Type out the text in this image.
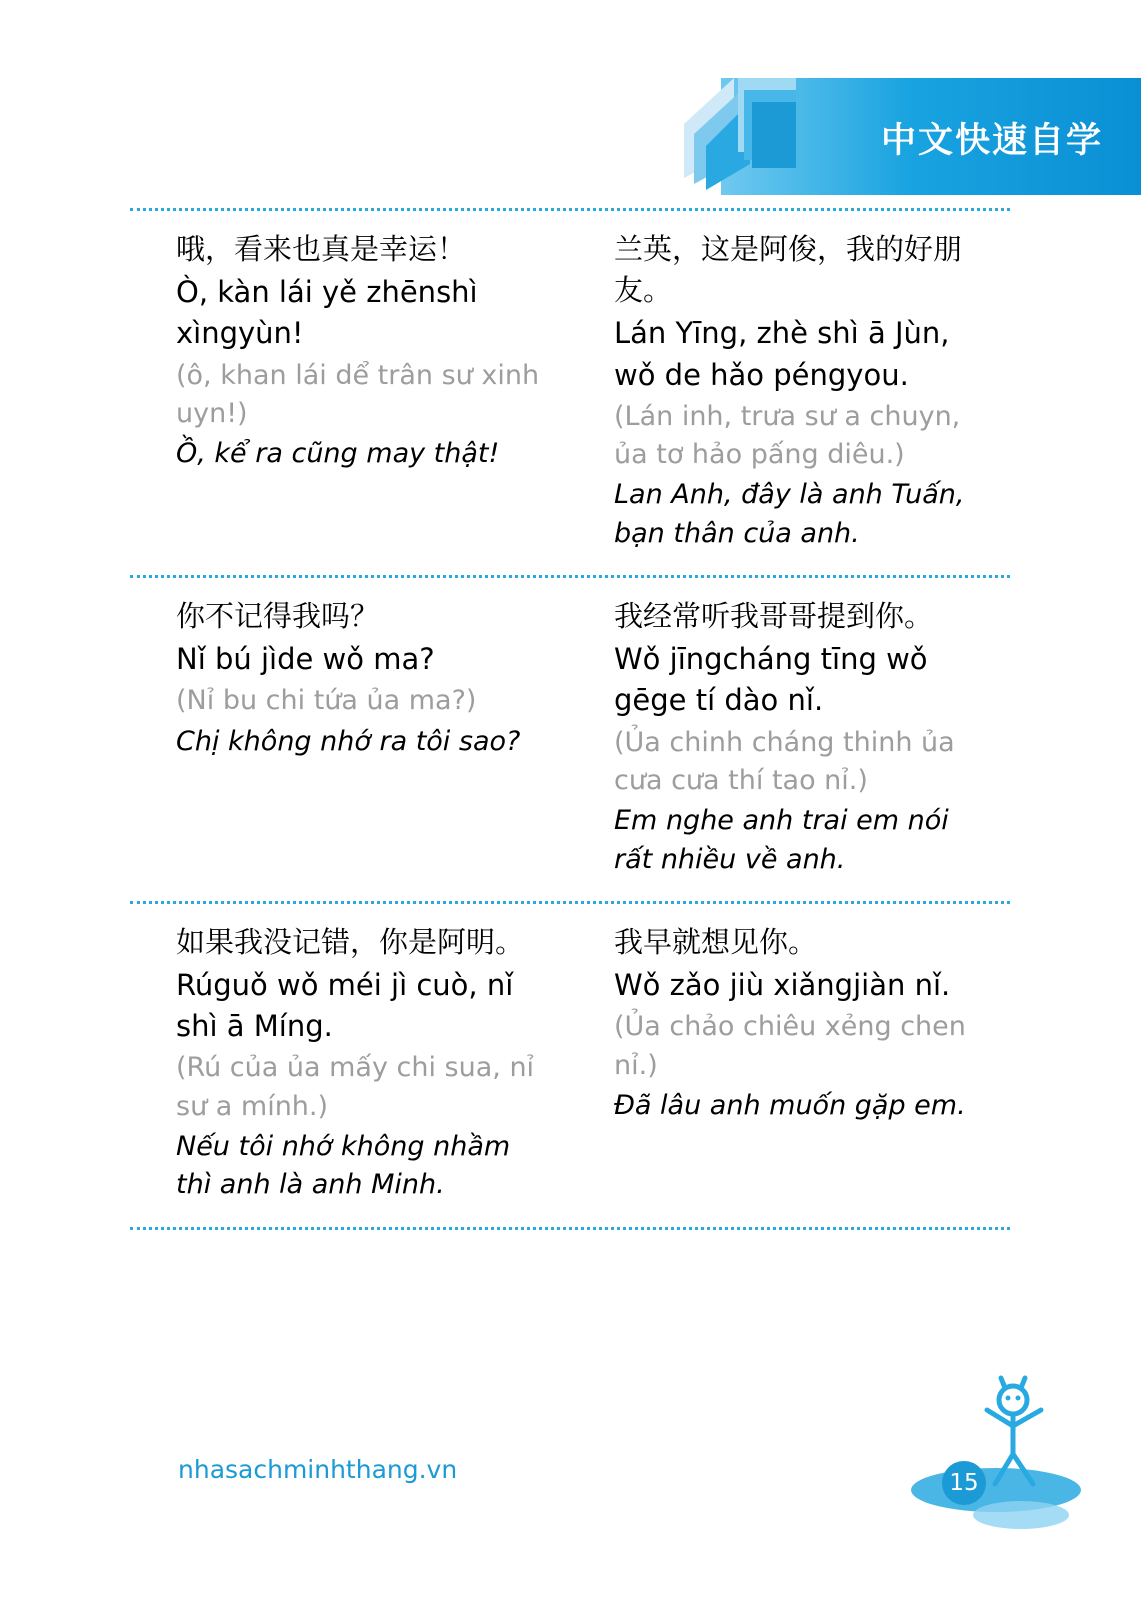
中文快速自学

哦，看来也真是幸运！

Ò, kàn lái yě zhēnshì xìngyùn!

(ô, khan lái dể trân sư xinh uyn!)

Ồ, kể ra cũng may thật!

兰英，这是阿俊，我的好朋友。

Lán Yīng, zhè shì ā Jùn, wǒ de hǎo péngyou.

(Lán inh, trưa sư a chuyn, ủa tơ hảo pấng diêu.)

Lan Anh, đây là anh Tuấn, bạn thân của anh.

你不记得我吗？

Nǐ bú jìde wǒ ma?

(Nỉ bu chi tứa ủa ma?)

Chị không nhớ ra tôi sao?

我经常听我哥哥提到你。

Wǒ jīngcháng tīng wǒ gēge tí dào nǐ.

(Ủa chinh cháng thinh ủa cưa cưa thí tao nỉ.)

Em nghe anh trai em nói rất nhiều về anh.

如果我没记错，你是阿明。

Rúguǒ wǒ méi jì cuò, nǐ shì ā Míng.

(Rú của ủa mấy chi sua, nỉ sư a mính.)

Nếu tôi nhớ không nhầm thì anh là anh Minh.

我早就想见你。

Wǒ zǎo jiù xiǎngjiàn nǐ.

(Ủa chảo chiêu xẻng chen nỉ.)

Đã lâu anh muốn gặp em.

nhasachminhthang.vn	15
